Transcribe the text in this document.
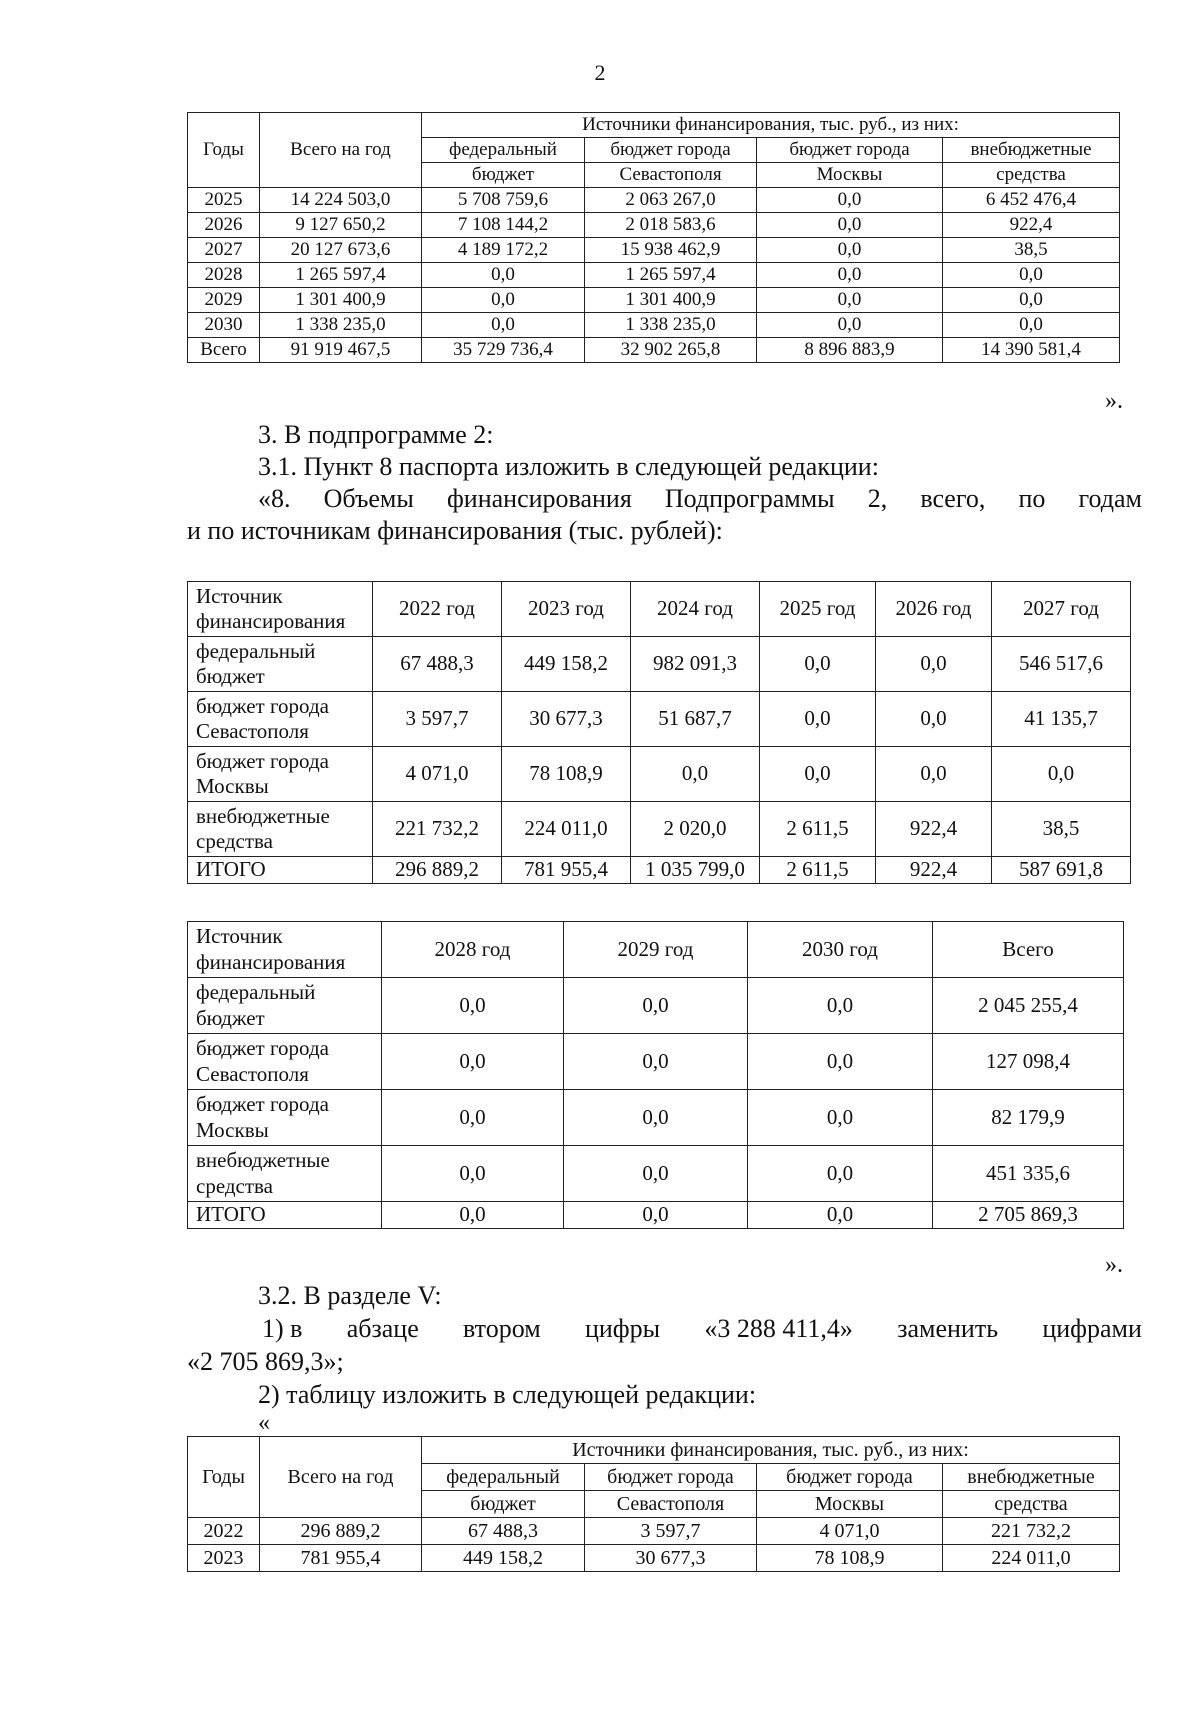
2
Годы	Всего на год	Источники финансирования, тыс. руб., из них:			
		федеральный	бюджет города	бюджет города	внебюджетные
		бюджет	Севастополя	Москвы	средства
2025	14 224 503,0	5 708 759,6	2 063 267,0	0,0	6 452 476,4
2026	9 127 650,2	7 108 144,2	2 018 583,6	0,0	922,4
2027	20 127 673,6	4 189 172,2	15 938 462,9	0,0	38,5
2028	1 265 597,4	0,0	1 265 597,4	0,0	0,0
2029	1 301 400,9	0,0	1 301 400,9	0,0	0,0
2030	1 338 235,0	0,0	1 338 235,0	0,0	0,0
Всего	91 919 467,5	35 729 736,4	32 902 265,8	8 896 883,9	14 390 581,4
».
3. В подпрограмме 2:
3.1. Пункт 8 паспорта изложить в следующей редакции:
«8. Объемы финансирования Подпрограммы 2, всего, по годам
и по источникам финансирования (тыс. рублей):
Источник
финансирования	2022 год	2023 год	2024 год	2025 год	2026 год	2027 год

федеральный
бюджет	67 488,3	449 158,2	982 091,3	0,0	0,0	546 517,6

бюджет города
Севастополя	3 597,7	30 677,3	51 687,7	0,0	0,0	41 135,7

бюджет города
Москвы	4 071,0	78 108,9	0,0	0,0	0,0	0,0

внебюджетные
средства	221 732,2	224 011,0	2 020,0	2 611,5	922,4	38,5
ИТОГО	296 889,2	781 955,4	1 035 799,0	2 611,5	922,4	587 691,8
Источник
финансирования	2028 год	2029 год	2030 год	Всего

федеральный
бюджет	0,0	0,0	0,0	2 045 255,4

бюджет города
Севастополя	0,0	0,0	0,0	127 098,4

бюджет города
Москвы	0,0	0,0	0,0	82 179,9

внебюджетные
средства	0,0	0,0	0,0	451 335,6
ИТОГО	0,0	0,0	0,0	2 705 869,3
».
3.2. В разделе V:
1) в абзаце втором цифры «3 288 411,4» заменить цифрами
«2 705 869,3»;
2) таблицу изложить в следующей редакции:
«
Годы	Всего на год	Источники финансирования, тыс. руб., из них:			
		федеральный	бюджет города	бюджет города	внебюджетные
		бюджет	Севастополя	Москвы	средства
2022	296 889,2	67 488,3	3 597,7	4 071,0	221 732,2
2023	781 955,4	449 158,2	30 677,3	78 108,9	224 011,0
